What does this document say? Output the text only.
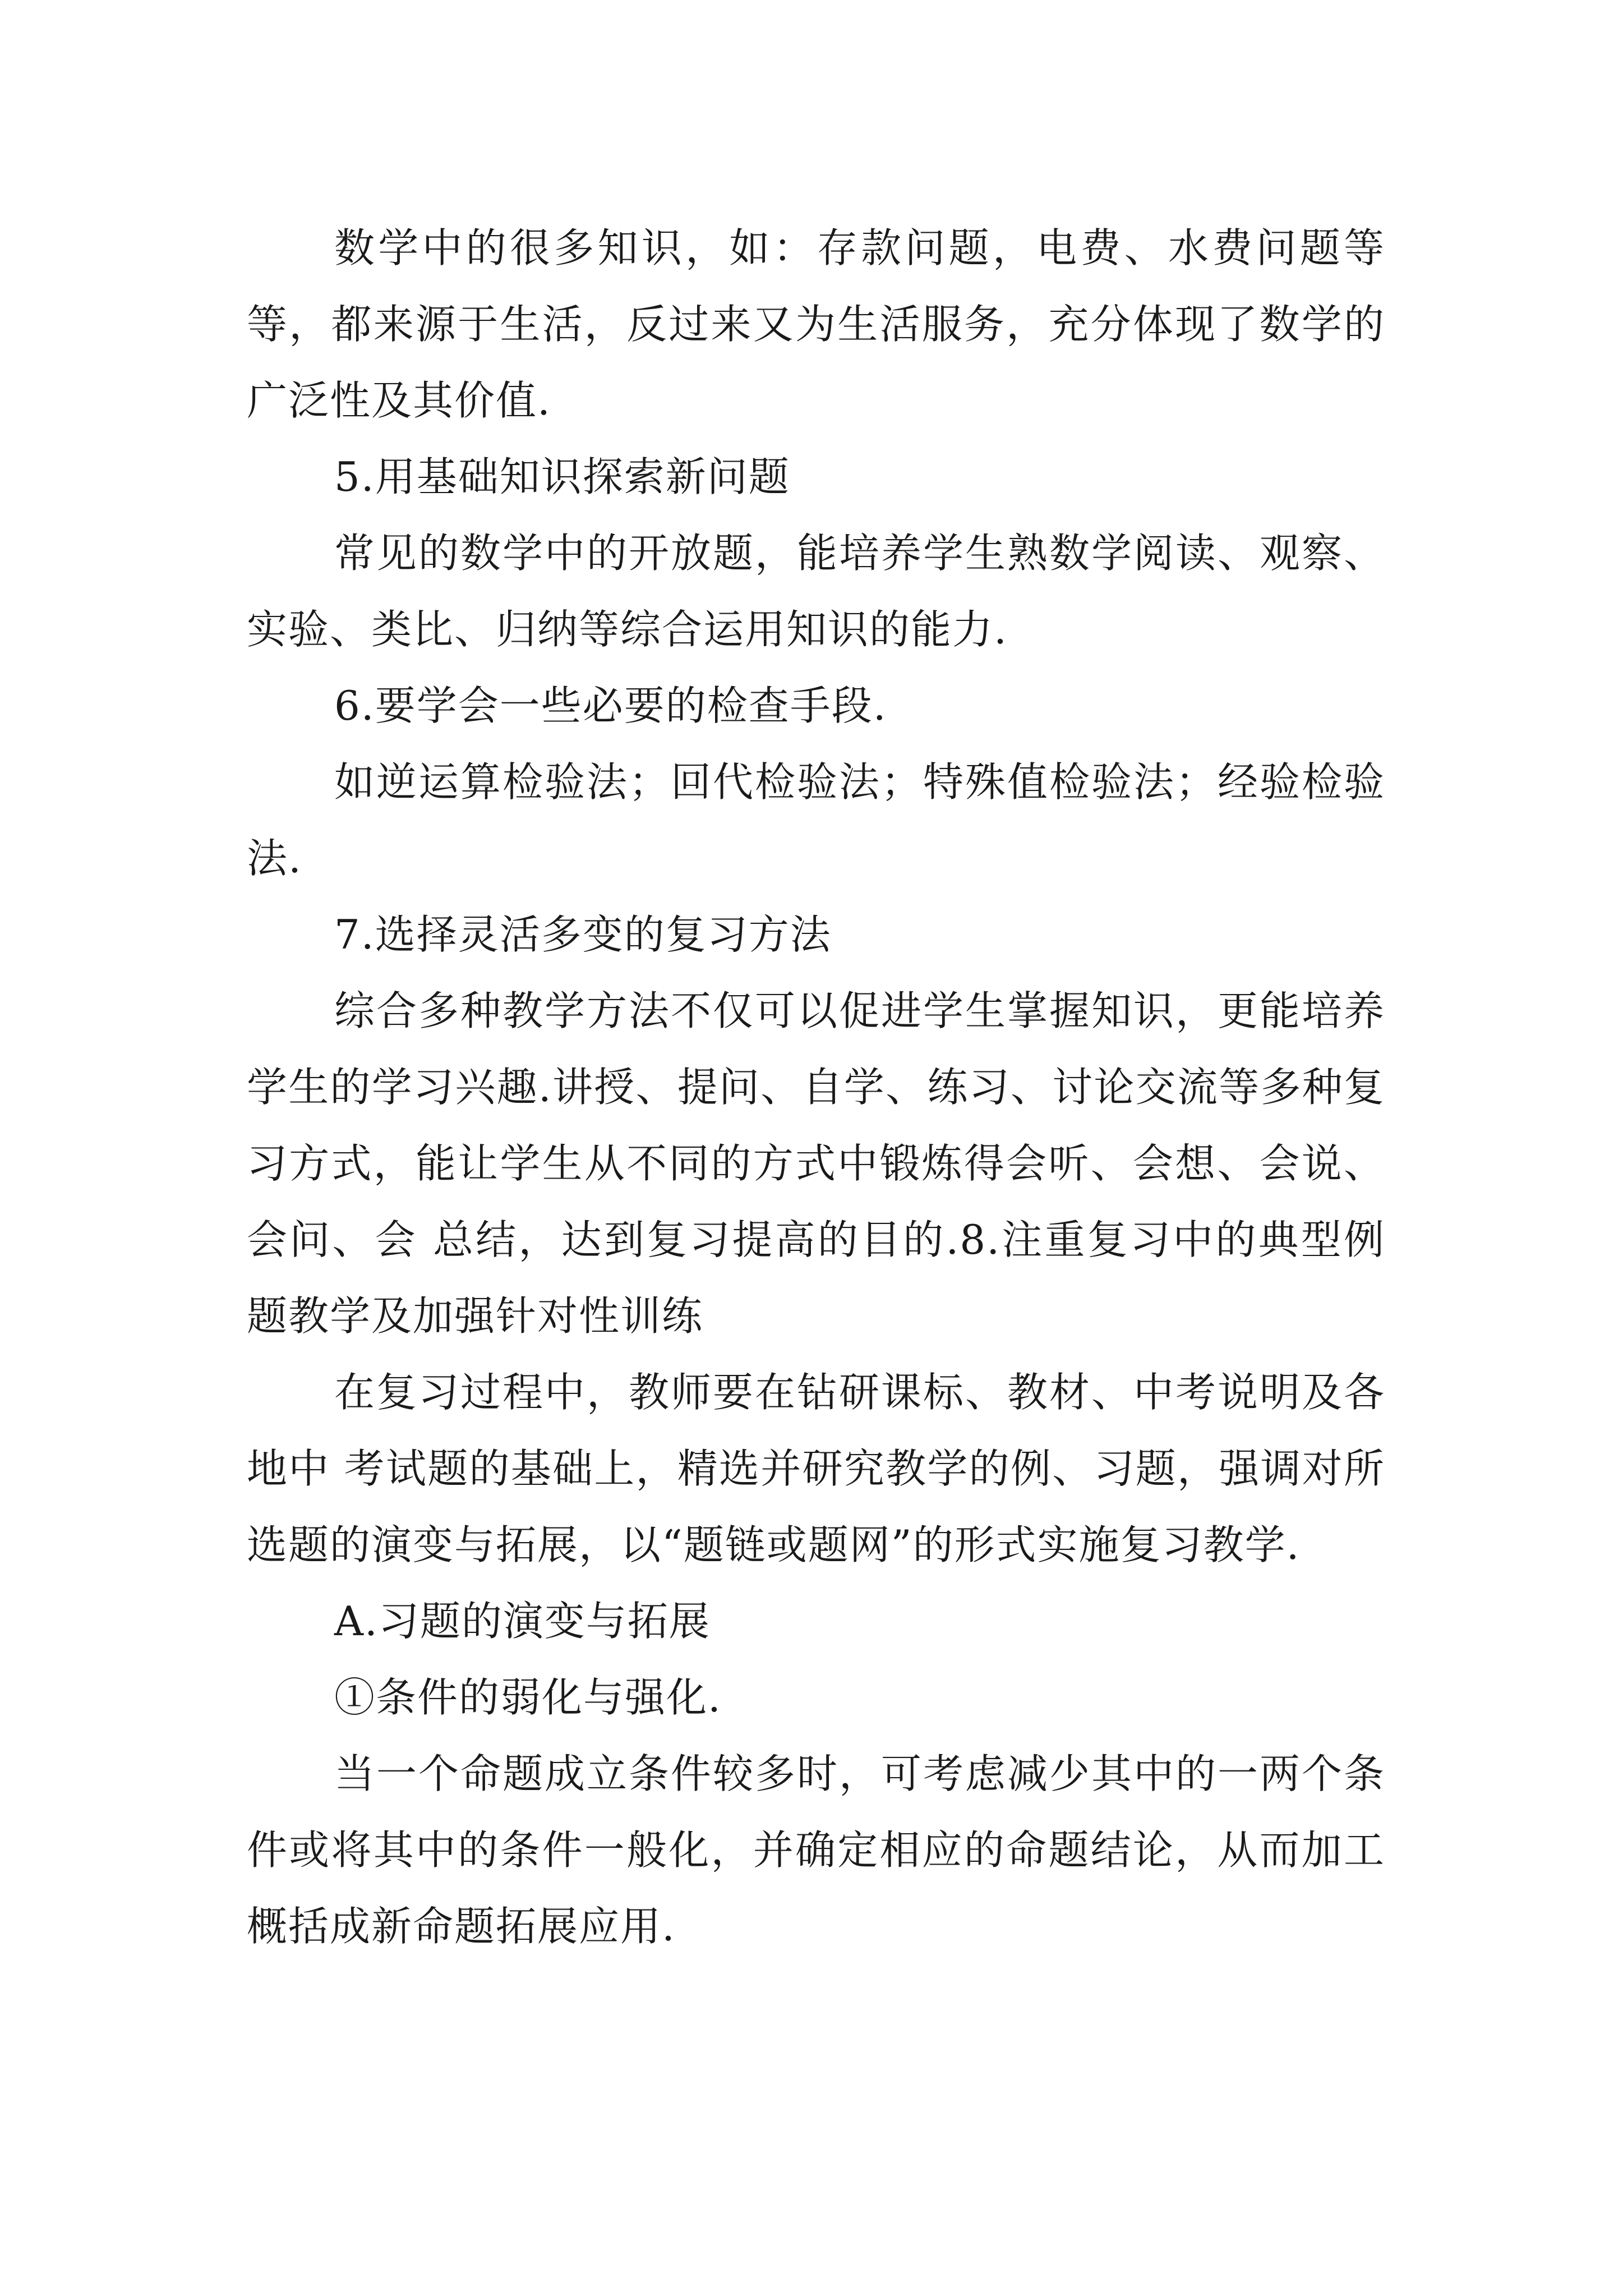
数学中的很多知识，如：存款问题，电费、水费问题等等，都来源于生活，反过来又为生活服务，充分体现了数学的广泛性及其价值.

5.用基础知识探索新问题

常见的数学中的开放题，能培养学生熟数学阅读、观察、实验、类比、归纳等综合运用知识的能力.

6.要学会一些必要的检查手段.

如逆运算检验法；回代检验法；特殊值检验法；经验检验法.

7.选择灵活多变的复习方法

综合多种教学方法不仅可以促进学生掌握知识，更能培养学生的学习兴趣.讲授、提问、自学、练习、讨论交流等多种复习方式，能让学生从不同的方式中锻炼得会听、会想、会说、会问、会 总结，达到复习提高的目的.8.注重复习中的典型例题教学及加强针对性训练

在复习过程中，教师要在钻研课标、教材、中考说明及各地中 考试题的基础上，精选并研究教学的例、习题，强调对所选题的演变与拓展，以“题链或题网”的形式实施复习教学.

A.习题的演变与拓展

①条件的弱化与强化.

当一个命题成立条件较多时，可考虑减少其中的一两个条件或将其中的条件一般化，并确定相应的命题结论，从而加工概括成新命题拓展应用.
